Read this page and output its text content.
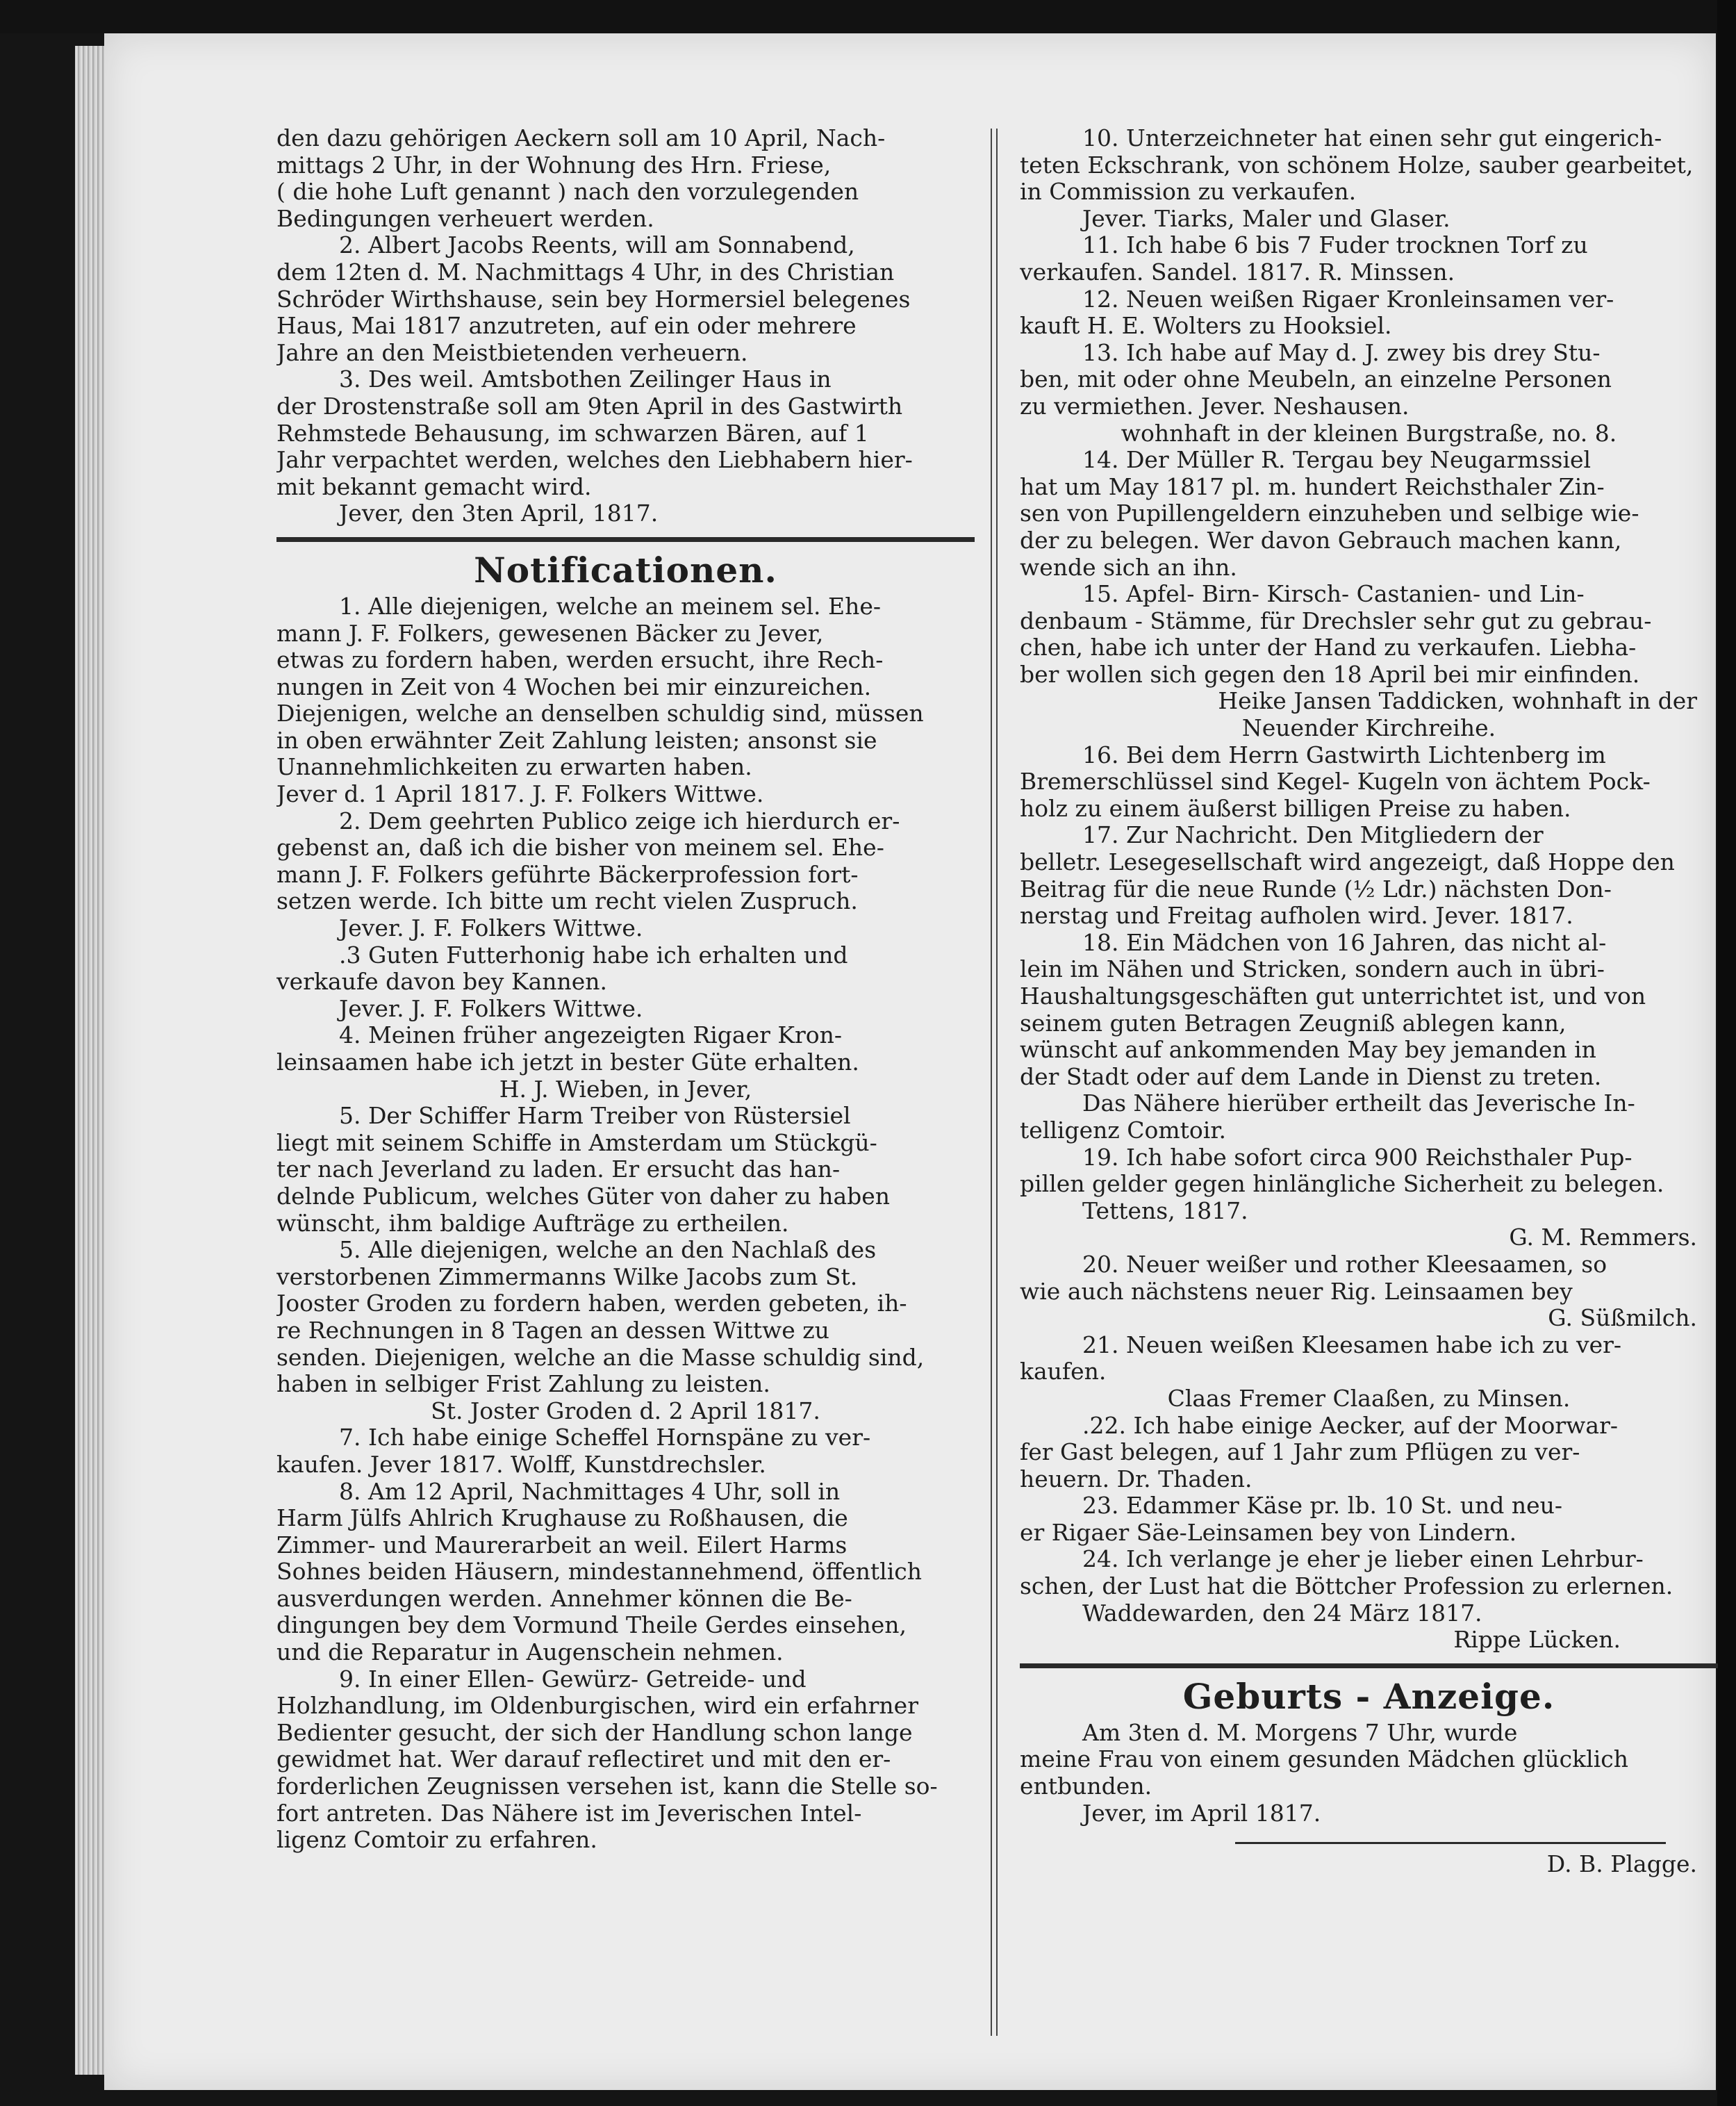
den dazu gehörigen Aeckern soll am 10 April, Nach-
mittags 2 Uhr, in der Wohnung des Hrn. Friese,
( die hohe Luft genannt ) nach den vorzulegenden
Bedingungen verheuert werden.
2. Albert Jacobs Reents, will am Sonnabend,
dem 12ten d. M. Nachmittags 4 Uhr, in des Christian
Schröder Wirthshause, sein bey Hormersiel belegenes
Haus, Mai 1817 anzutreten, auf ein oder mehrere
Jahre an den Meistbietenden verheuern.
3. Des weil. Amtsbothen Zeilinger Haus in
der Drostenstraße soll am 9ten April in des Gastwirth
Rehmstede Behausung, im schwarzen Bären, auf 1
Jahr verpachtet werden, welches den Liebhabern hier-
mit bekannt gemacht wird.
Jever, den 3ten April, 1817.
Notificationen.
1. Alle diejenigen, welche an meinem sel. Ehe-
mann J. F. Folkers, gewesenen Bäcker zu Jever,
etwas zu fordern haben, werden ersucht, ihre Rech-
nungen in Zeit von 4 Wochen bei mir einzureichen.
Diejenigen, welche an denselben schuldig sind, müssen
in oben erwähnter Zeit Zahlung leisten; ansonst sie
Unannehmlichkeiten zu erwarten haben.
Jever d. 1 April 1817. J. F. Folkers Wittwe.
2. Dem geehrten Publico zeige ich hierdurch er-
gebenst an, daß ich die bisher von meinem sel. Ehe-
mann J. F. Folkers geführte Bäckerprofession fort-
setzen werde. Ich bitte um recht vielen Zuspruch.
Jever. J. F. Folkers Wittwe.
.3 Guten Futterhonig habe ich erhalten und
verkaufe davon bey Kannen.
Jever. J. F. Folkers Wittwe.
4. Meinen früher angezeigten Rigaer Kron-
leinsaamen habe ich jetzt in bester Güte erhalten.
H. J. Wieben, in Jever,
5. Der Schiffer Harm Treiber von Rüstersiel
liegt mit seinem Schiffe in Amsterdam um Stückgü-
ter nach Jeverland zu laden. Er ersucht das han-
delnde Publicum, welches Güter von daher zu haben
wünscht, ihm baldige Aufträge zu ertheilen.
5. Alle diejenigen, welche an den Nachlaß des
verstorbenen Zimmermanns Wilke Jacobs zum St.
Jooster Groden zu fordern haben, werden gebeten, ih-
re Rechnungen in 8 Tagen an dessen Wittwe zu
senden. Diejenigen, welche an die Masse schuldig sind,
haben in selbiger Frist Zahlung zu leisten.
St. Joster Groden d. 2 April 1817.
7. Ich habe einige Scheffel Hornspäne zu ver-
kaufen. Jever 1817. Wolff, Kunstdrechsler.
8. Am 12 April, Nachmittages 4 Uhr, soll in
Harm Jülfs Ahlrich Krughause zu Roßhausen, die
Zimmer- und Maurerarbeit an weil. Eilert Harms
Sohnes beiden Häusern, mindestannehmend, öffentlich
ausverdungen werden. Annehmer können die Be-
dingungen bey dem Vormund Theile Gerdes einsehen,
und die Reparatur in Augenschein nehmen.
9. In einer Ellen- Gewürz- Getreide- und
Holzhandlung, im Oldenburgischen, wird ein erfahrner
Bedienter gesucht, der sich der Handlung schon lange
gewidmet hat. Wer darauf reflectiret und mit den er-
forderlichen Zeugnissen versehen ist, kann die Stelle so-
fort antreten. Das Nähere ist im Jeverischen Intel-
ligenz Comtoir zu erfahren.
10. Unterzeichneter hat einen sehr gut eingerich-
teten Eckschrank, von schönem Holze, sauber gearbeitet,
in Commission zu verkaufen.
Jever. Tiarks, Maler und Glaser.
11. Ich habe 6 bis 7 Fuder trocknen Torf zu
verkaufen. Sandel. 1817. R. Minssen.
12. Neuen weißen Rigaer Kronleinsamen ver-
kauft H. E. Wolters zu Hooksiel.
13. Ich habe auf May d. J. zwey bis drey Stu-
ben, mit oder ohne Meubeln, an einzelne Personen
zu vermiethen. Jever. Neshausen.
wohnhaft in der kleinen Burgstraße, no. 8.
14. Der Müller R. Tergau bey Neugarmssiel
hat um May 1817 pl. m. hundert Reichsthaler Zin-
sen von Pupillengeldern einzuheben und selbige wie-
der zu belegen. Wer davon Gebrauch machen kann,
wende sich an ihn.
15. Apfel- Birn- Kirsch- Castanien- und Lin-
denbaum - Stämme, für Drechsler sehr gut zu gebrau-
chen, habe ich unter der Hand zu verkaufen. Liebha-
ber wollen sich gegen den 18 April bei mir einfinden.
Heike Jansen Taddicken, wohnhaft in der
Neuender Kirchreihe.
16. Bei dem Herrn Gastwirth Lichtenberg im
Bremerschlüssel sind Kegel- Kugeln von ächtem Pock-
holz zu einem äußerst billigen Preise zu haben.
17. Zur Nachricht. Den Mitgliedern der
belletr. Lesegesellschaft wird angezeigt, daß Hoppe den
Beitrag für die neue Runde (½ Ldr.) nächsten Don-
nerstag und Freitag aufholen wird. Jever. 1817.
18. Ein Mädchen von 16 Jahren, das nicht al-
lein im Nähen und Stricken, sondern auch in übri-
Haushaltungsgeschäften gut unterrichtet ist, und von
seinem guten Betragen Zeugniß ablegen kann,
wünscht auf ankommenden May bey jemanden in
der Stadt oder auf dem Lande in Dienst zu treten.
Das Nähere hierüber ertheilt das Jeverische In-
telligenz Comtoir.
19. Ich habe sofort circa 900 Reichsthaler Pup-
pillen gelder gegen hinlängliche Sicherheit zu belegen.
Tettens, 1817.
G. M. Remmers.
20. Neuer weißer und rother Kleesaamen, so
wie auch nächstens neuer Rig. Leinsaamen bey
G. Süßmilch.
21. Neuen weißen Kleesamen habe ich zu ver-
kaufen.
Claas Fremer Claaßen, zu Minsen.
.22. Ich habe einige Aecker, auf der Moorwar-
fer Gast belegen, auf 1 Jahr zum Pflügen zu ver-
heuern. Dr. Thaden.
23. Edammer Käse pr. lb. 10 St. und neu-
er Rigaer Säe-Leinsamen bey von Lindern.
24. Ich verlange je eher je lieber einen Lehrbur-
schen, der Lust hat die Böttcher Profession zu erlernen.
Waddewarden, den 24 März 1817.
Rippe Lücken.
Geburts - Anzeige.
Am 3ten d. M. Morgens 7 Uhr, wurde
meine Frau von einem gesunden Mädchen glücklich
entbunden.
Jever, im April 1817.
D. B. Plagge.
